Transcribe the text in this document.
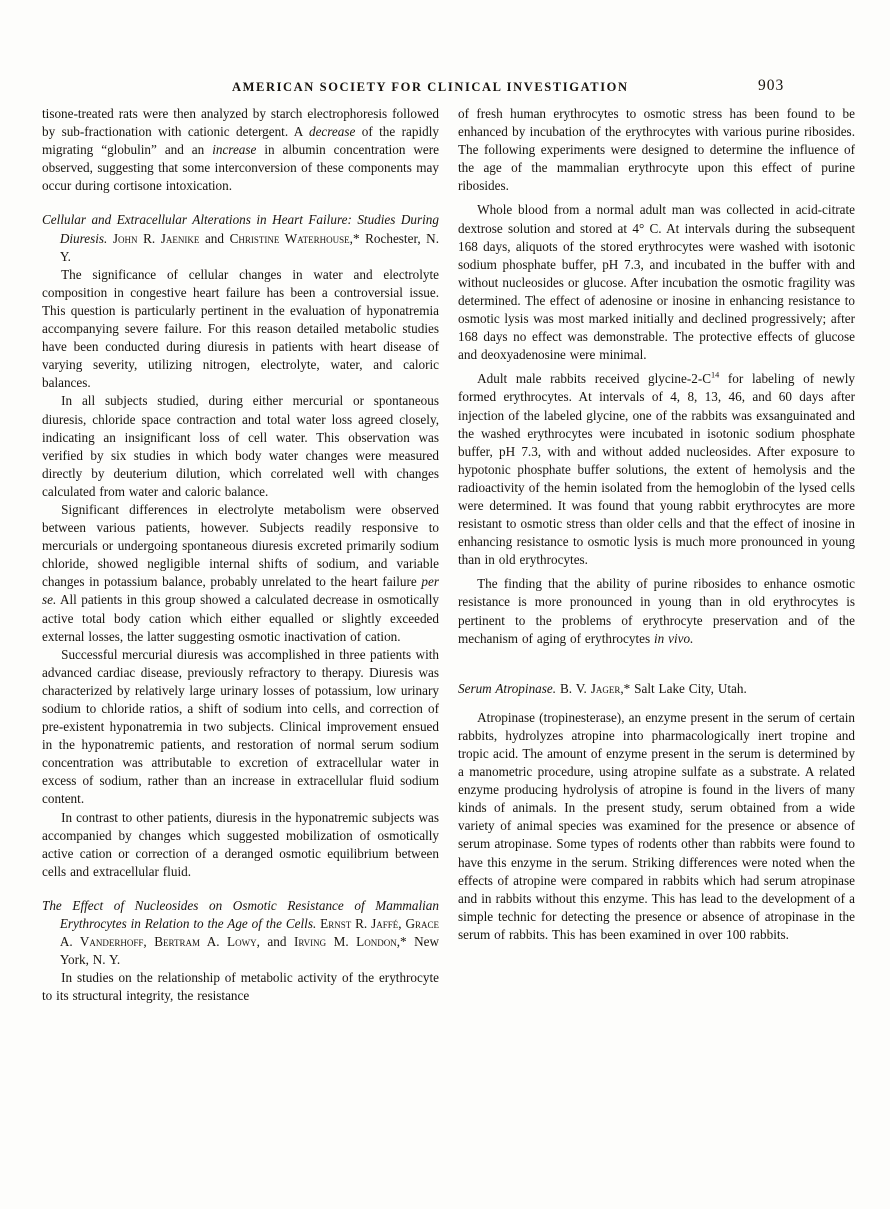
AMERICAN SOCIETY FOR CLINICAL INVESTIGATION	903

tisone-treated rats were then analyzed by starch electrophoresis followed by sub-fractionation with cationic detergent. A decrease of the rapidly migrating “globulin” and an increase in albumin concentration were observed, suggesting that some interconversion of these components may occur during cortisone intoxication.

Cellular and Extracellular Alterations in Heart Failure: Studies During Diuresis. John R. Jaenike and Christine Waterhouse,* Rochester, N. Y.

The significance of cellular changes in water and electrolyte composition in congestive heart failure has been a controversial issue. This question is particularly pertinent in the evaluation of hyponatremia accompanying severe failure. For this reason detailed metabolic studies have been conducted during diuresis in patients with heart disease of varying severity, utilizing nitrogen, electrolyte, water, and caloric balances.

In all subjects studied, during either mercurial or spontaneous diuresis, chloride space contraction and total water loss agreed closely, indicating an insignificant loss of cell water. This observation was verified by six studies in which body water changes were measured directly by deuterium dilution, which correlated well with changes calculated from water and caloric balance.

Significant differences in electrolyte metabolism were observed between various patients, however. Subjects readily responsive to mercurials or undergoing spontaneous diuresis excreted primarily sodium chloride, showed negligible internal shifts of sodium, and variable changes in potassium balance, probably unrelated to the heart failure per se. All patients in this group showed a calculated decrease in osmotically active total body cation which either equalled or slightly exceeded external losses, the latter suggesting osmotic inactivation of cation.

Successful mercurial diuresis was accomplished in three patients with advanced cardiac disease, previously refractory to therapy. Diuresis was characterized by relatively large urinary losses of potassium, low urinary sodium to chloride ratios, a shift of sodium into cells, and correction of pre-existent hyponatremia in two subjects. Clinical improvement ensued in the hyponatremic patients, and restoration of normal serum sodium concentration was attributable to excretion of extracellular water in excess of sodium, rather than an increase in extracellular fluid sodium content.

In contrast to other patients, diuresis in the hyponatremic subjects was accompanied by changes which suggested mobilization of osmotically active cation or correction of a deranged osmotic equilibrium between cells and extracellular fluid.

The Effect of Nucleosides on Osmotic Resistance of Mammalian Erythrocytes in Relation to the Age of the Cells. Ernst R. Jaffé, Grace A. Vanderhoff, Bertram A. Lowy, and Irving M. London,* New York, N. Y.

In studies on the relationship of metabolic activity of the erythrocyte to its structural integrity, the resistance

of fresh human erythrocytes to osmotic stress has been found to be enhanced by incubation of the erythrocytes with various purine ribosides. The following experiments were designed to determine the influence of the age of the mammalian erythrocyte upon this effect of purine ribosides.

Whole blood from a normal adult man was collected in acid-citrate dextrose solution and stored at 4° C. At intervals during the subsequent 168 days, aliquots of the stored erythrocytes were washed with isotonic sodium phosphate buffer, pH 7.3, and incubated in the buffer with and without nucleosides or glucose. After incubation the osmotic fragility was determined. The effect of adenosine or inosine in enhancing resistance to osmotic lysis was most marked initially and declined progressively; after 168 days no effect was demonstrable. The protective effects of glucose and deoxyadenosine were minimal.

Adult male rabbits received glycine-$2-C^{14}$ for labeling of newly formed erythrocytes. At intervals of 4, 8, 13, 46, and 60 days after injection of the labeled glycine, one of the rabbits was exsanguinated and the washed erythrocytes were incubated in isotonic sodium phosphate buffer, pH 7.3, with and without added nucleosides. After exposure to hypotonic phosphate buffer solutions, the extent of hemolysis and the radioactivity of the hemin isolated from the hemoglobin of the lysed cells were determined. It was found that young rabbit erythrocytes are more resistant to osmotic stress than older cells and that the effect of inosine in enhancing resistance to osmotic lysis is much more pronounced in young than in old erythrocytes.

The finding that the ability of purine ribosides to enhance osmotic resistance is more pronounced in young than in old erythrocytes is pertinent to the problems of erythrocyte preservation and of the mechanism of aging of erythrocytes in vivo.

Serum Atropinase. B. V. Jager,* Salt Lake City, Utah.

Atropinase (tropinesterase), an enzyme present in the serum of certain rabbits, hydrolyzes atropine into pharmacologically inert tropine and tropic acid. The amount of enzyme present in the serum is determined by a manometric procedure, using atropine sulfate as a substrate. A related enzyme producing hydrolysis of atropine is found in the livers of many kinds of animals. In the present study, serum obtained from a wide variety of animal species was examined for the presence or absence of serum atropinase. Some types of rodents other than rabbits were found to have this enzyme in the serum. Striking differences were noted when the effects of atropine were compared in rabbits which had serum atropinase and in rabbits without this enzyme. This has lead to the development of a simple technic for detecting the presence or absence of atropinase in the serum of rabbits. This has been examined in over 100 rabbits.
